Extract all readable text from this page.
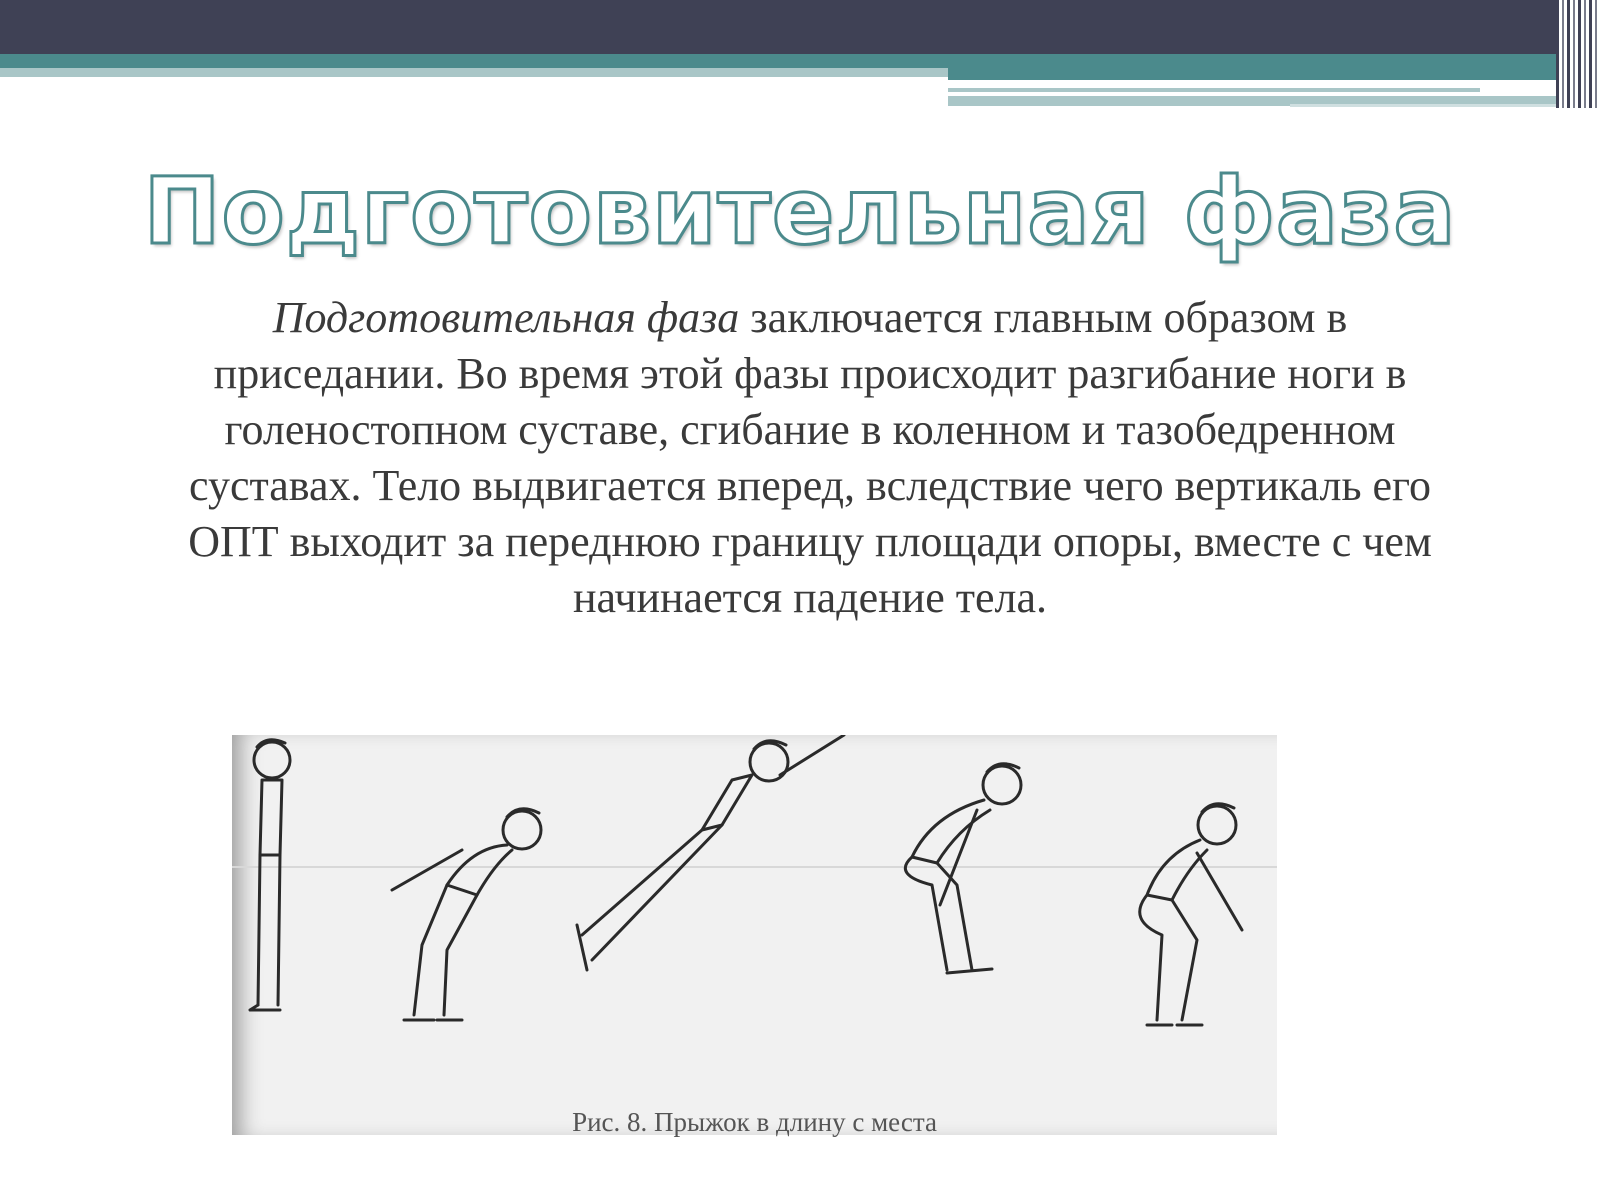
Подготовительная фаза

Подготовительная фаза заключается главным образом в приседании. Во время этой фазы происходит разгибание ноги в голеностопном суставе, сгибание в коленном и тазобедренном суставах. Тело выдвигается вперед, вследствие чего вертикаль его ОПТ выходит за переднюю границу площади опоры, вместе с чем начинается падение тела.

Рис. 8. Прыжок в длину с места
